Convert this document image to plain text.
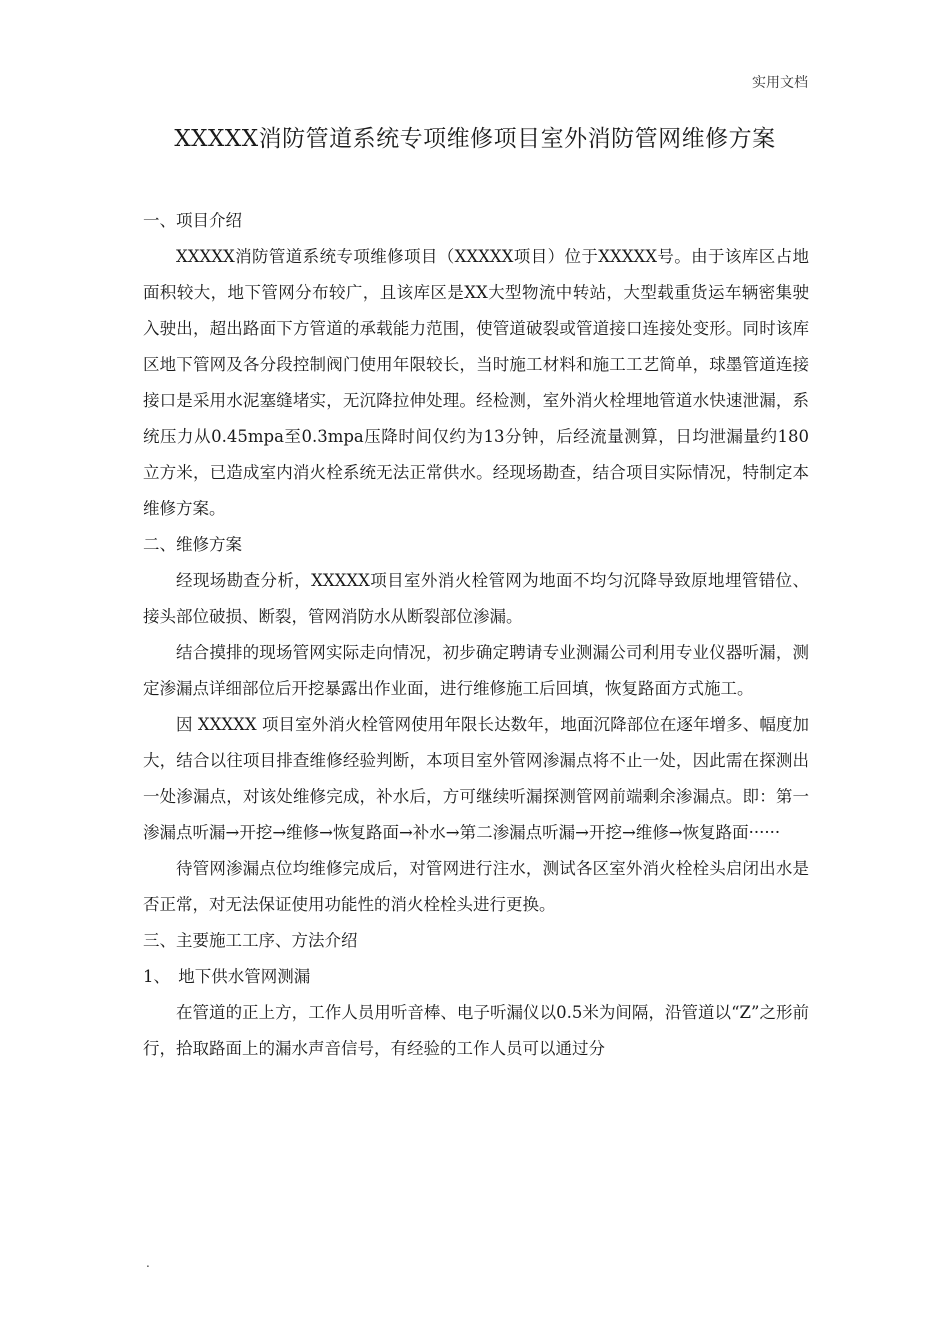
实用文档
XXXXX消防管道系统专项维修项目室外消防管网维修方案

一、项目介绍

XXXXX消防管道系统专项维修项目（XXXXX项目）位于XXXXX号。由于该库区占地面积较大，地下管网分布较广，且该库区是XX大型物流中转站，大型载重货运车辆密集驶入驶出，超出路面下方管道的承载能力范围，使管道破裂或管道接口连接处变形。同时该库区地下管网及各分段控制阀门使用年限较长，当时施工材料和施工工艺简单，球墨管道连接接口是采用水泥塞缝堵实，无沉降拉伸处理。经检测，室外消火栓埋地管道水快速泄漏，系统压力从0.45mpa至0.3mpa压降时间仅约为13分钟，后经流量测算，日均泄漏量约180立方米，已造成室内消火栓系统无法正常供水。经现场勘查，结合项目实际情况，特制定本维修方案。

二、维修方案

经现场勘查分析，XXXXX项目室外消火栓管网为地面不均匀沉降导致原地埋管错位、接头部位破损、断裂，管网消防水从断裂部位渗漏。

结合摸排的现场管网实际走向情况，初步确定聘请专业测漏公司利用专业仪器听漏，测定渗漏点详细部位后开挖暴露出作业面，进行维修施工后回填，恢复路面方式施工。

因 XXXXX 项目室外消火栓管网使用年限长达数年，地面沉降部位在逐年增多、幅度加大，结合以往项目排查维修经验判断，本项目室外管网渗漏点将不止一处，因此需在探测出一处渗漏点，对该处维修完成，补水后，方可继续听漏探测管网前端剩余渗漏点。即：第一渗漏点听漏→开挖→维修→恢复路面→补水→第二渗漏点听漏→开挖→维修→恢复路面······

待管网渗漏点位均维修完成后，对管网进行注水，测试各区室外消火栓栓头启闭出水是否正常，对无法保证使用功能性的消火栓栓头进行更换。

三、主要施工工序、方法介绍

1、　地下供水管网测漏

在管道的正上方，工作人员用听音棒、电子听漏仪以0.5米为间隔，沿管道以“Z”之形前行，拾取路面上的漏水声音信号，有经验的工作人员可以通过分

.
